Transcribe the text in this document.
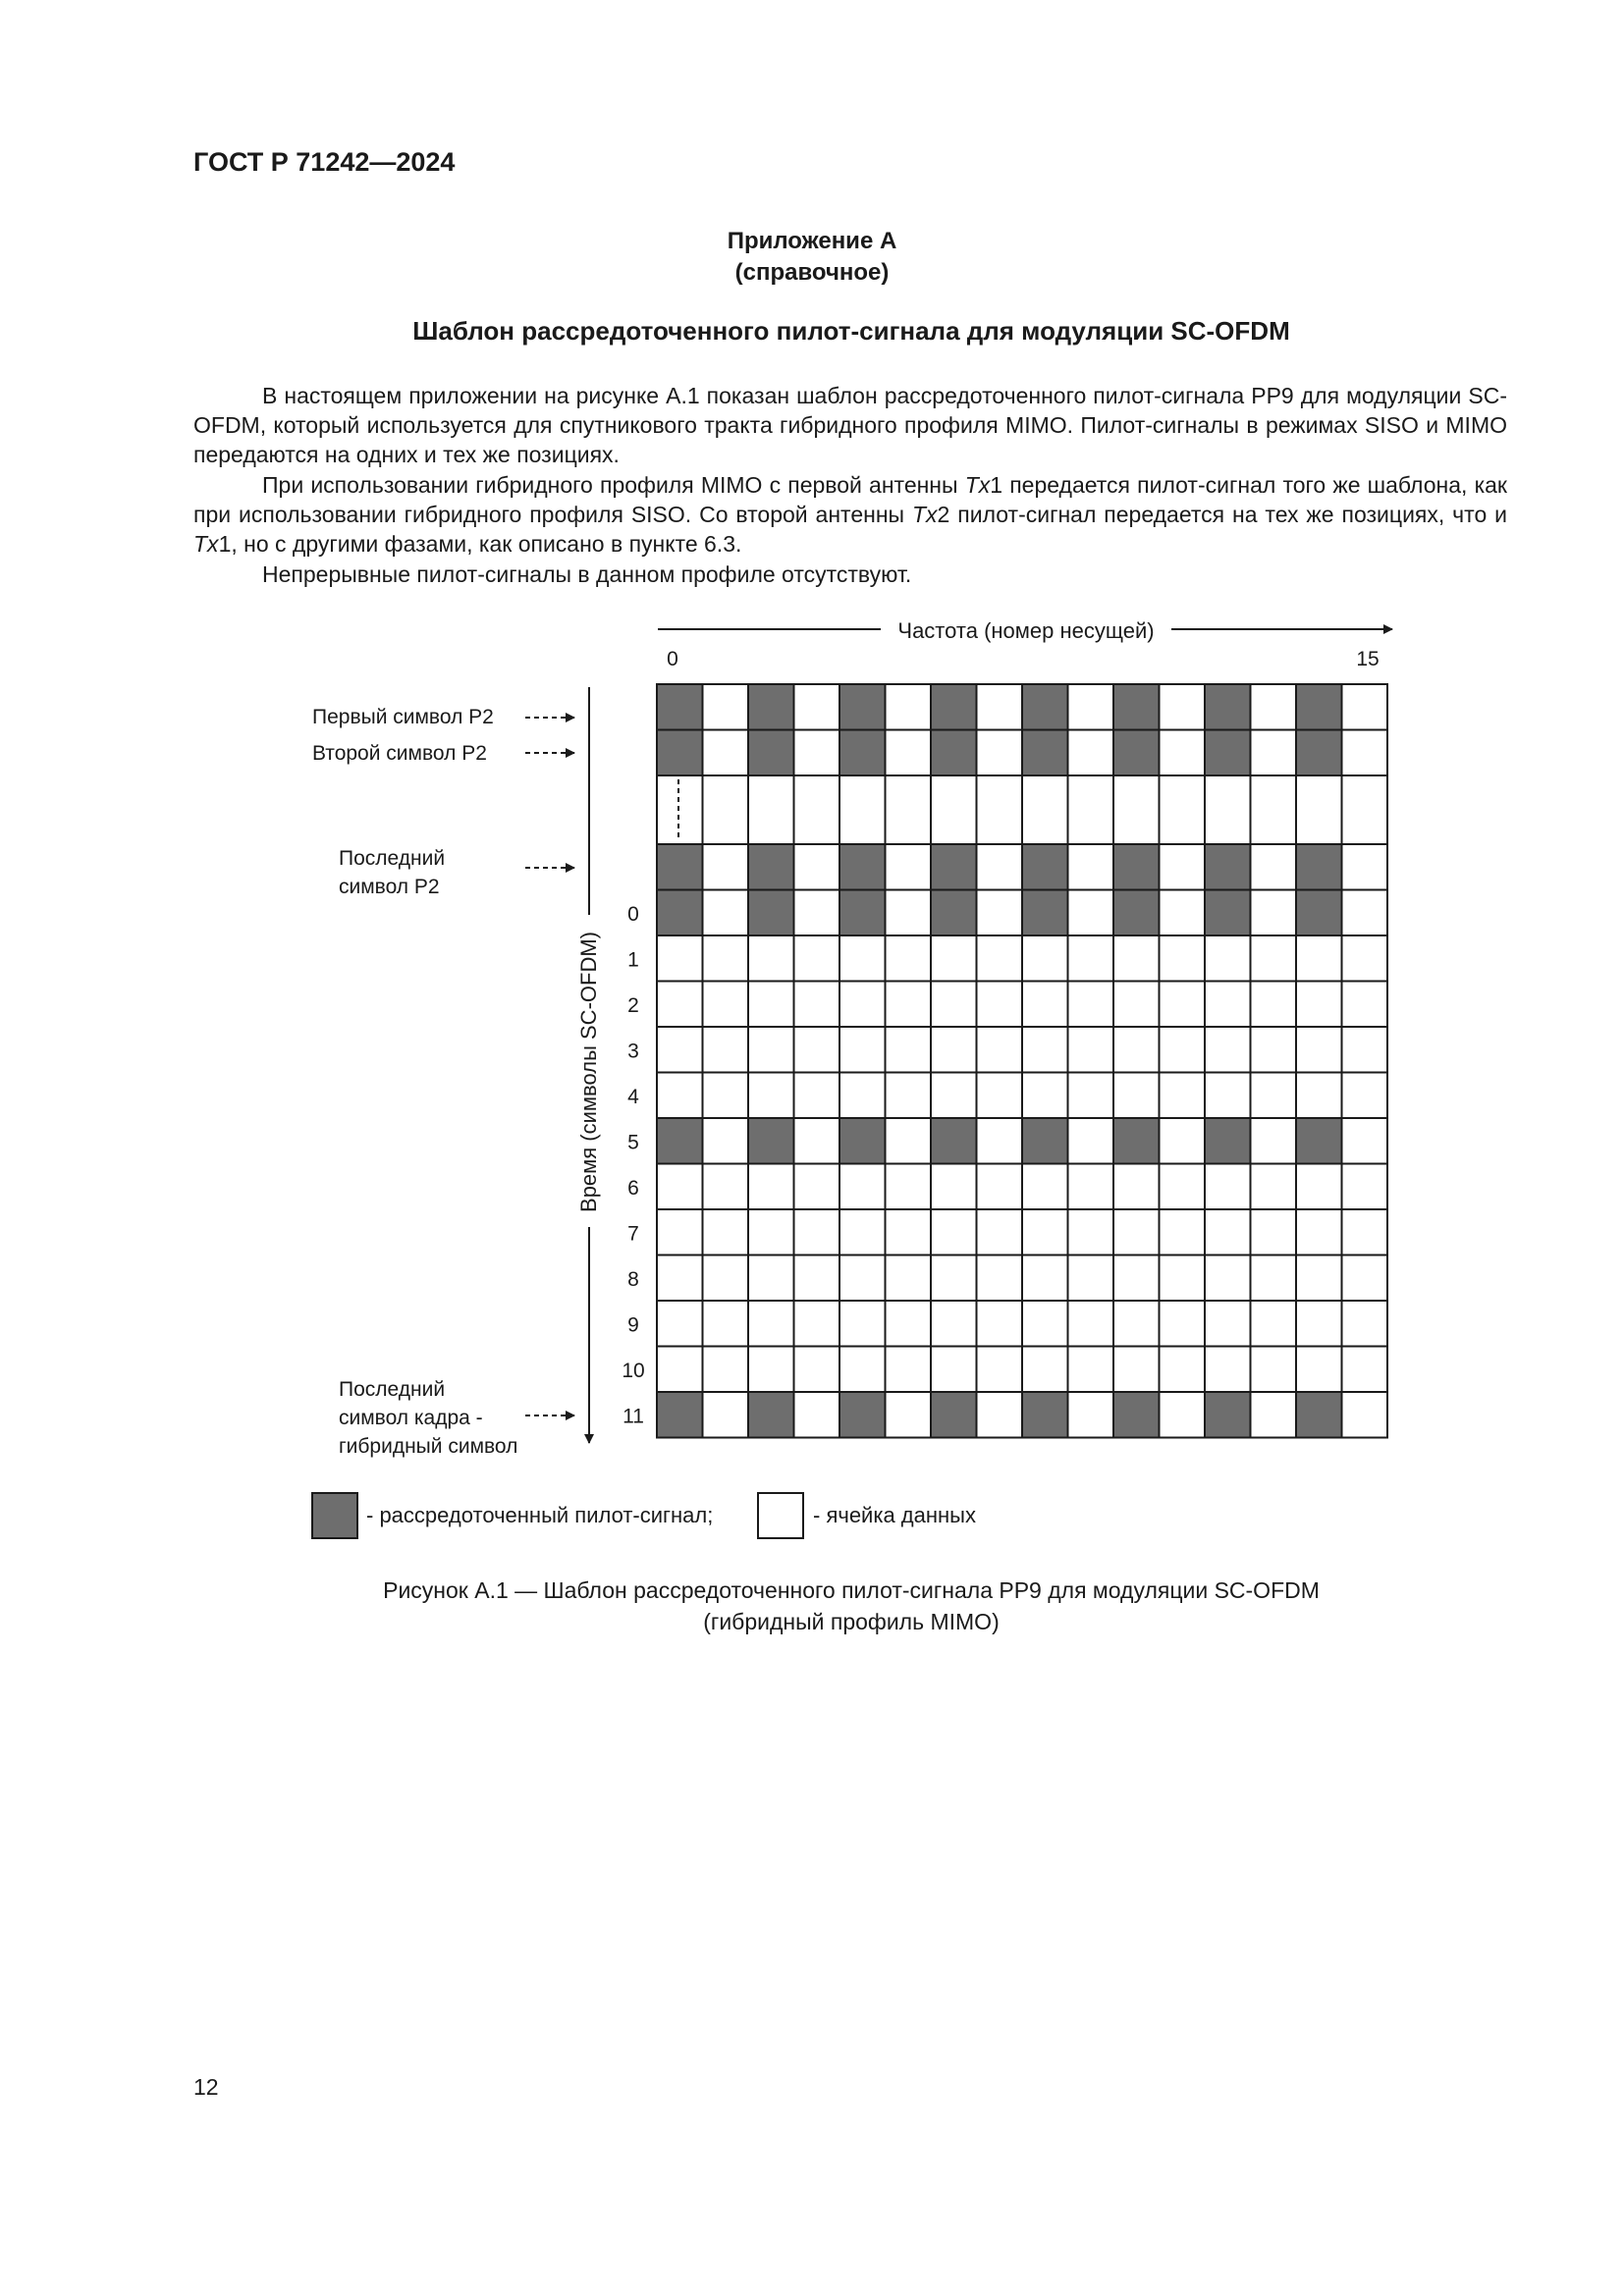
ГОСТ Р 71242—2024
Приложение А
(справочное)
Шаблон рассредоточенного пилот-сигнала для модуляции SC-OFDM
В настоящем приложении на рисунке А.1 показан шаблон рассредоточенного пилот-сигнала PP9 для модуляции SC-OFDM, который используется для спутникового тракта гибридного профиля MIMO. Пилот-сигналы в режимах SISO и MIMO передаются на одних и тех же позициях.
При использовании гибридного профиля MIMO с первой антенны Tx1 передается пилот-сигнал того же шаблона, как при использовании гибридного профиля SISO. Со второй антенны Tx2 пилот-сигнал передается на тех же позициях, что и Tx1, но с другими фазами, как описано в пункте 6.3.
Непрерывные пилот-сигналы в данном профиле отсутствуют.
Частота (номер несущей)
0	15
Время (символы SC-OFDM)
Первый символ P2
Второй символ P2
Последний
символ P2
Последний
символ кадра -
гибридный символ
0
1
2
3
4
5
6
7
8
9
10
11
- рассредоточенный пилот-сигнал;	- ячейка данных
Рисунок А.1 — Шаблон рассредоточенного пилот-сигнала PP9 для модуляции SC-OFDM
(гибридный профиль MIMO)
12
